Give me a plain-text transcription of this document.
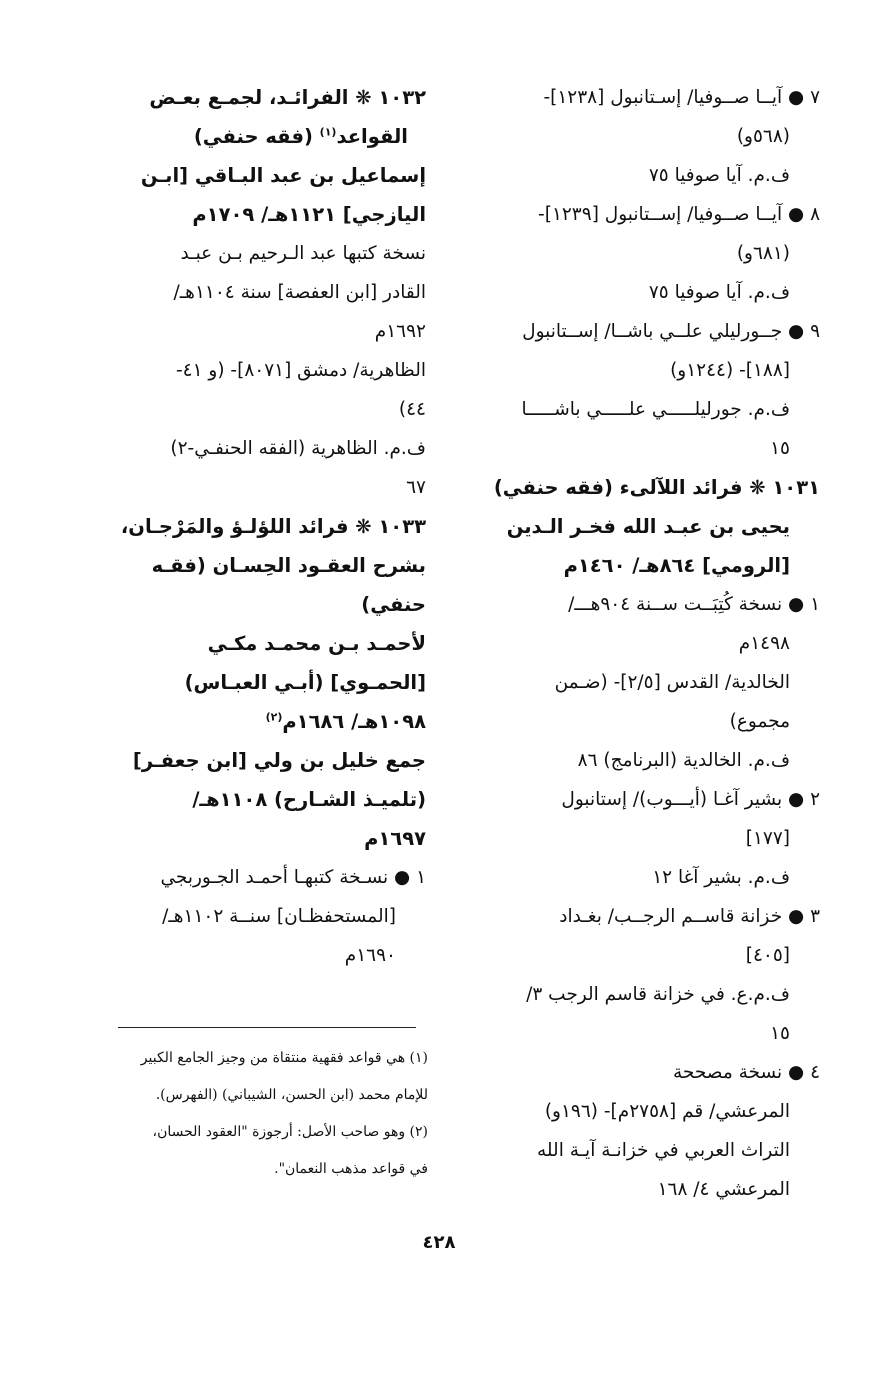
٧ ● آيــا صــوفيا/ إسـتانبول [١٢٣٨]-
(٥٦٨و)
ف.م. آيا صوفيا ٧٥
٨ ● آيــا صــوفيا/ إســتانبول [١٢٣٩]-
(٦٨١و)
ف.م. آيا صوفيا ٧٥
٩ ● جــورليلي علــي باشــا/ إســتانبول
[١٨٨]- (١٢٤٤و)
ف.م. جورليلـــــي علـــــي باشـــــا
١٥
١٠٣١ ❋ فرائد اللآلىء (فقه حنفي)
يحيى بن عبـد الله فخـر الـدين
[الرومي] ٨٦٤هـ/ ١٤٦٠م
١ ● نسخة كُتِبَــت ســنة ٩٠٤هـــ/
١٤٩٨م
الخالدية/ القدس [٢/٥]- (ضـمن
مجموع)
ف.م. الخالدية (البرنامج) ٨٦
٢ ● بشير آغـا (أيـــوب)/ إستانبول
[١٧٧]
ف.م. بشير آغا ١٢
٣ ● خزانة قاســم الرجــب/ بغـداد
[٤٠٥]
ف.م.ع. في خزانة قاسم الرجب ٣/
١٥
٤ ● نسخة مصححة
المرعشي/ قم [٢٧٥٨م]- (١٩٦و)
التراث العربي في خزانـة آيـة الله
المرعشي ٤/ ١٦٨
١٠٣٢ ❋ الفرائـد، لجمـع بعـض
القواعد$^{(١)}$ (فقه حنفي)
إسماعيل بن عبد البـاقي [ابـن
اليازجي] ١١٢١هـ/ ١٧٠٩م
نسخة كتبها عبد الـرحيم بـن عبـد
القادر [ابن العفصة] سنة ١١٠٤هـ/
١٦٩٢م
الظاهرية/ دمشق [٨٠٧١]- (و ٤١-
٤٤)
ف.م. الظاهرية (الفقه الحنفـي-٢)
٦٧
١٠٣٣ ❋ فرائد اللؤلـؤ والمَرْجـان،
بشرح العقـود الحِسـان (فقـه
حنفي)
لأحمـد بـن محمـد مكـي
[الحمـوي] (أبـي العبـاس)
١٠٩٨هـ/ ١٦٨٦م$^{(٢)}$
جمع خليل بن ولي [ابن جعفـر]
(تلميـذ الشـارح) ١١٠٨هـ/
١٦٩٧م
١ ● نسـخة كتبهـا أحمـد الجـوربجي
[المستحفظـان] سنــة ١١٠٢هـ/
١٦٩٠م
(١) هي قواعد فقهية منتقاة من وجيز الجامع الكبير
للإمام محمد (ابن الحسن، الشيباني) (الفهرس).
(٢) وهو صاحب الأصل: أرجوزة "العقود الحسان،
في قواعد مذهب النعمان".
٤٢٨
